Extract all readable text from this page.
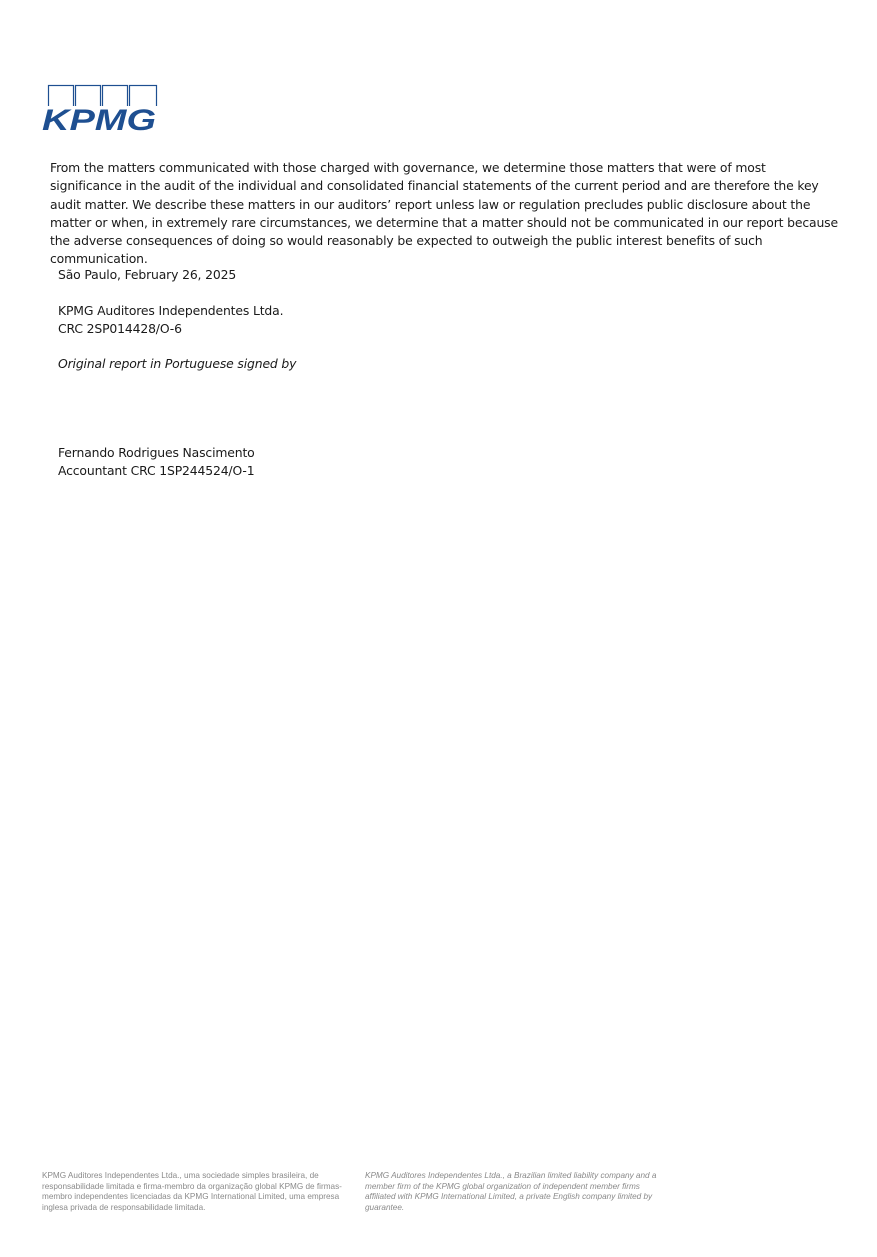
KPMG

From the matters communicated with those charged with governance, we determine those matters that were of most significance in the audit of the individual and consolidated financial statements of the current period and are therefore the key audit matter. We describe these matters in our auditors’ report unless law or regulation precludes public disclosure about the matter or when, in extremely rare circumstances, we determine that a matter should not be communicated in our report because the adverse consequences of doing so would reasonably be expected to outweigh the public interest benefits of such communication.

São Paulo, February 26, 2025
KPMG Auditores Independentes Ltda.
CRC 2SP014428/O-6
Original report in Portuguese signed by
Fernando Rodrigues Nascimento
Accountant CRC 1SP244524/O-1
KPMG Auditores Independentes Ltda., uma sociedade simples brasileira, de responsabilidade limitada e firma-membro da organização global KPMG de firmas-membro independentes licenciadas da KPMG International Limited, uma empresa inglesa privada de responsabilidade limitada.
KPMG Auditores Independentes Ltda., a Brazilian limited liability company and a member firm of the KPMG global organization of independent member firms affiliated with KPMG International Limited, a private English company limited by guarantee.
